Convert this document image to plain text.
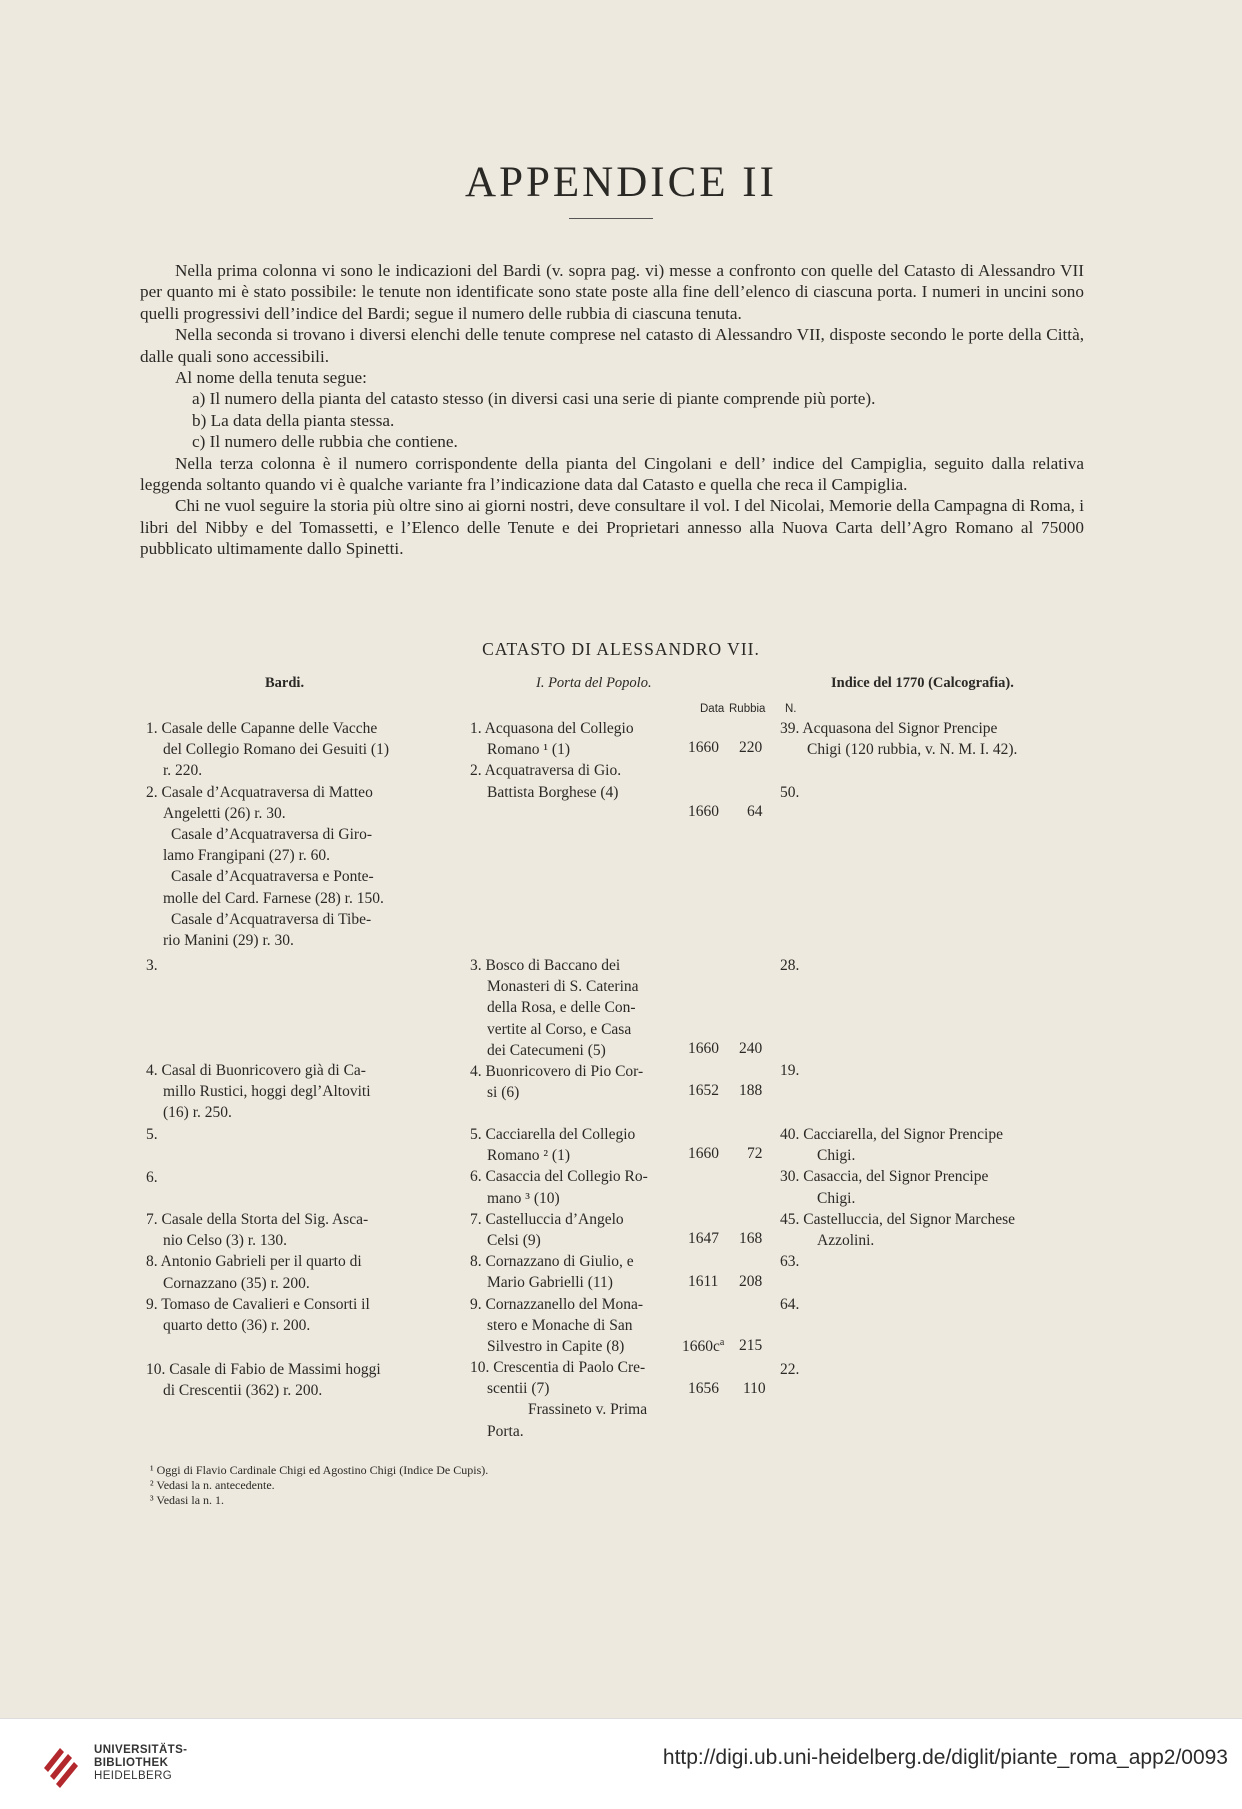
APPENDICE II

Nella prima colonna vi sono le indicazioni del Bardi (v. sopra pag. vi) messe a confronto con quelle del Catasto di Alessandro VII per quanto mi è stato possibile: le tenute non identificate sono state poste alla fine dell’elenco di ciascuna porta. I numeri in uncini sono quelli progressivi dell’indice del Bardi; segue il numero delle rubbia di ciascuna tenuta.

Nella seconda si trovano i diversi elenchi delle tenute comprese nel catasto di Alessandro VII, disposte secondo le porte della Città, dalle quali sono accessibili.

Al nome della tenuta segue:

a) Il numero della pianta del catasto stesso (in diversi casi una serie di piante comprende più porte).

b) La data della pianta stessa.

c) Il numero delle rubbia che contiene.

Nella terza colonna è il numero corrispondente della pianta del Cingolani e dell’ indice del Campiglia, seguito dalla relativa leggenda soltanto quando vi è qualche variante fra l’indicazione data dal Catasto e quella che reca il Campiglia.

Chi ne vuol seguire la storia più oltre sino ai giorni nostri, deve consultare il vol. I del Nicolai, Memorie della Campagna di Roma, i libri del Nibby e del Tomassetti, e l’Elenco delle Tenute e dei Proprietari annesso alla Nuova Carta dell’Agro Romano al 75000 pubblicato ultimamente dallo Spinetti.

CATASTO DI ALESSANDRO VII.
Bardi.	I. Porta del Popolo.	Indice del 1770 (Calcografia).
Data Rubbia N.
1. Casale delle Capanne delle Vacche
del Collegio Romano dei Gesuiti (1)
r. 220.
2. Casale d’Acquatraversa di Matteo
Angeletti (26) r. 30.
Casale d’Acquatraversa di Giro-
lamo Frangipani (27) r. 60.
Casale d’Acquatraversa e Ponte-
molle del Card. Farnese (28) r. 150.
Casale d’Acquatraversa di Tibe-
rio Manini (29) r. 30.
3.
4. Casal di Buonricovero già di Ca-
millo Rustici, hoggi degl’Altoviti
(16) r. 250.
5.
6.
7. Casale della Storta del Sig. Asca-
nio Celso (3) r. 130.
8. Antonio Gabrieli per il quarto di
Cornazzano (35) r. 200.
9. Tomaso de Cavalieri e Consorti il
quarto detto (36) r. 200.
10. Casale di Fabio de Massimi hoggi
di Crescentii (362) r. 200.
1. Acquasona del Collegio
Romano ¹ (1)
2. Acquatraversa di Gio.
Battista Borghese (4)
3. Bosco di Baccano dei
Monasteri di S. Caterina
della Rosa, e delle Con-
vertite al Corso, e Casa
dei Catecumeni (5)
4. Buonricovero di Pio Cor-
si (6)
5. Cacciarella del Collegio
Romano ² (1)
6. Casaccia del Collegio Ro-
mano ³ (10)
7. Castelluccia d’Angelo
Celsi (9)
8. Cornazzano di Giulio, e
Mario Gabrielli (11)
9. Cornazzanello del Mona-
stero e Monache di San
Silvestro in Capite (8)
10. Crescentia di Paolo Cre-
scentii (7)
Frassineto v. Prima
Porta.
1660 220
1660 64
1660 240
1652 188
1660 72
1647 168
1611 208
$1660c^a$ 215
1656 110
39. Acquasona del Signor Prencipe
Chigi (120 rubbia, v. N. M. I. 42).
50.
28.
19.
40. Cacciarella, del Signor Prencipe
Chigi.
30. Casaccia, del Signor Prencipe
Chigi.
45. Castelluccia, del Signor Marchese
Azzolini.
63.
64.
22.
¹ Oggi di Flavio Cardinale Chigi ed Agostino Chigi (Indice De Cupis).
² Vedasi la n. antecedente.
³ Vedasi la n. 1.
UNIVERSITÄTS-
BIBLIOTHEK
HEIDELBERG
http://digi.ub.uni-heidelberg.de/diglit/piante_roma_app2/0093
